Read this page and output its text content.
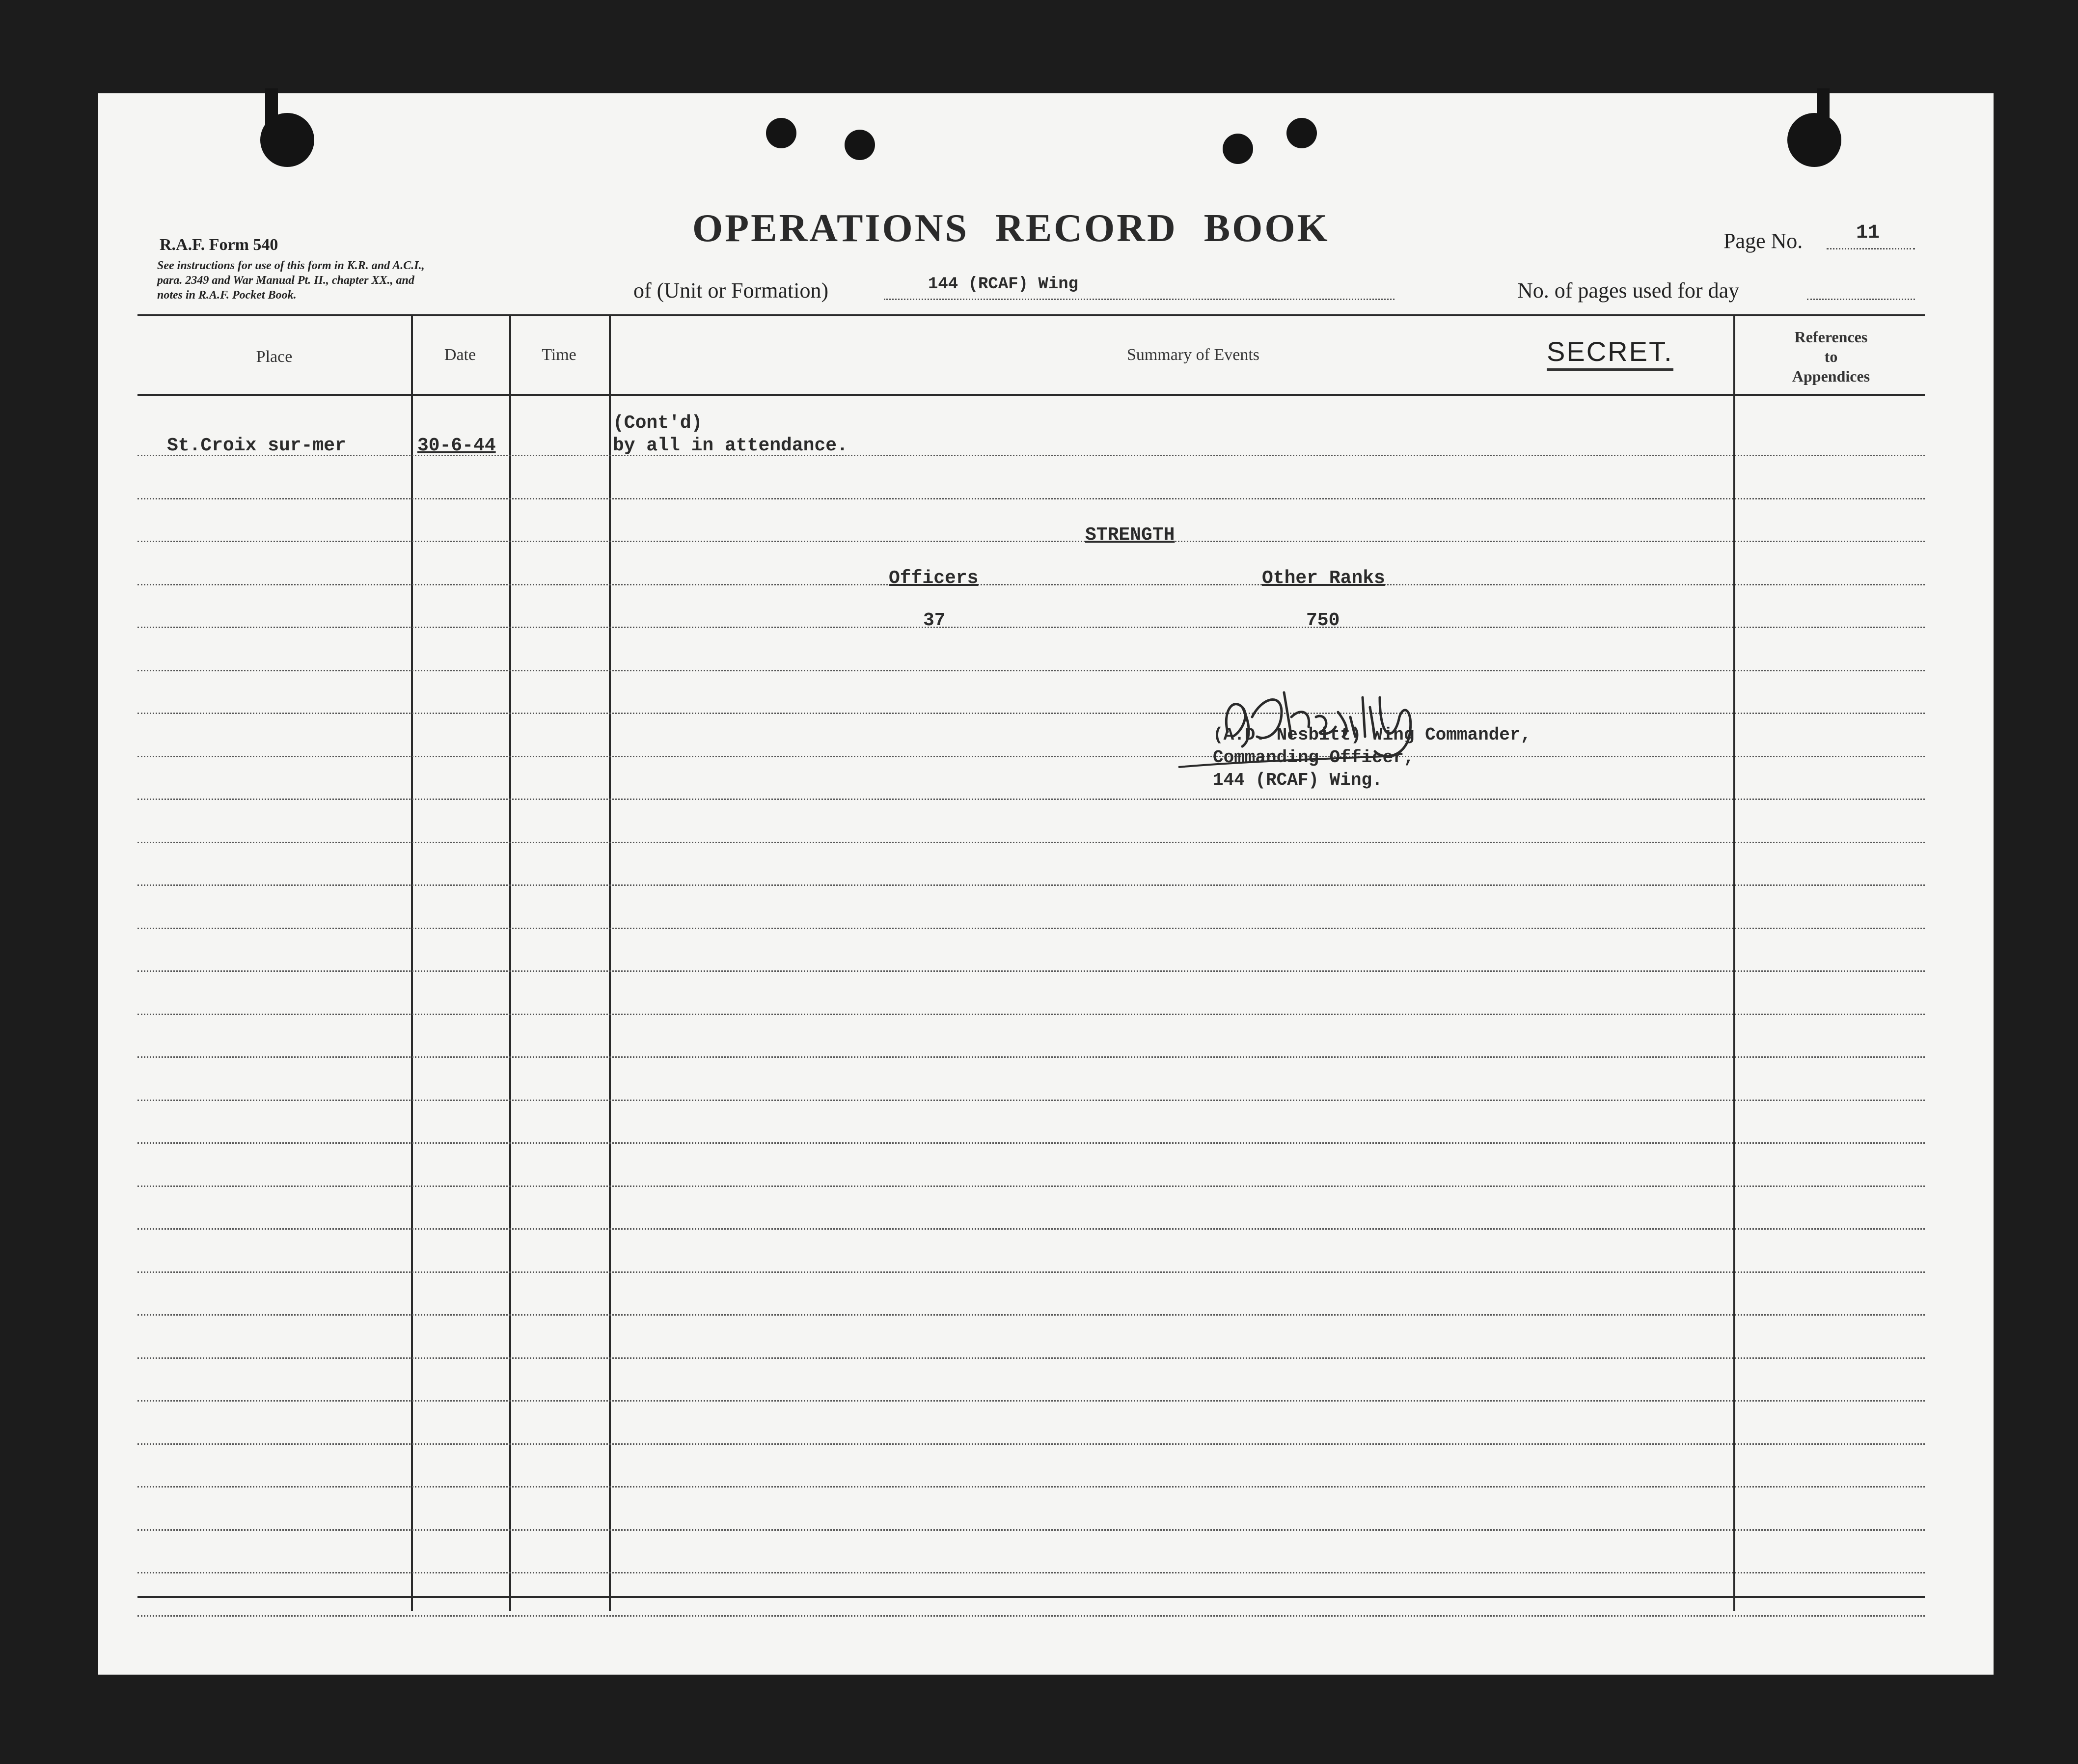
R.A.F. Form 540
See instructions for use of this form in K.R. and A.C.I.,
para. 2349 and War Manual Pt. II., chapter XX., and
notes in R.A.F. Pocket Book.
OPERATIONS RECORD BOOK	Page No.	11
of (Unit or Formation)	144 (RCAF) Wing	No. of pages used for day
Place	Date	Time	Summary of Events	SECRET.	References
to
Appendices
St.Croix sur-mer	30-6-44
(Cont'd)
by all in attendance.
STRENGTH
Officers	Other Ranks
37	750
(A.D. Nesbitt) Wing Commander,
Commanding Officer,
144 (RCAF) Wing.
